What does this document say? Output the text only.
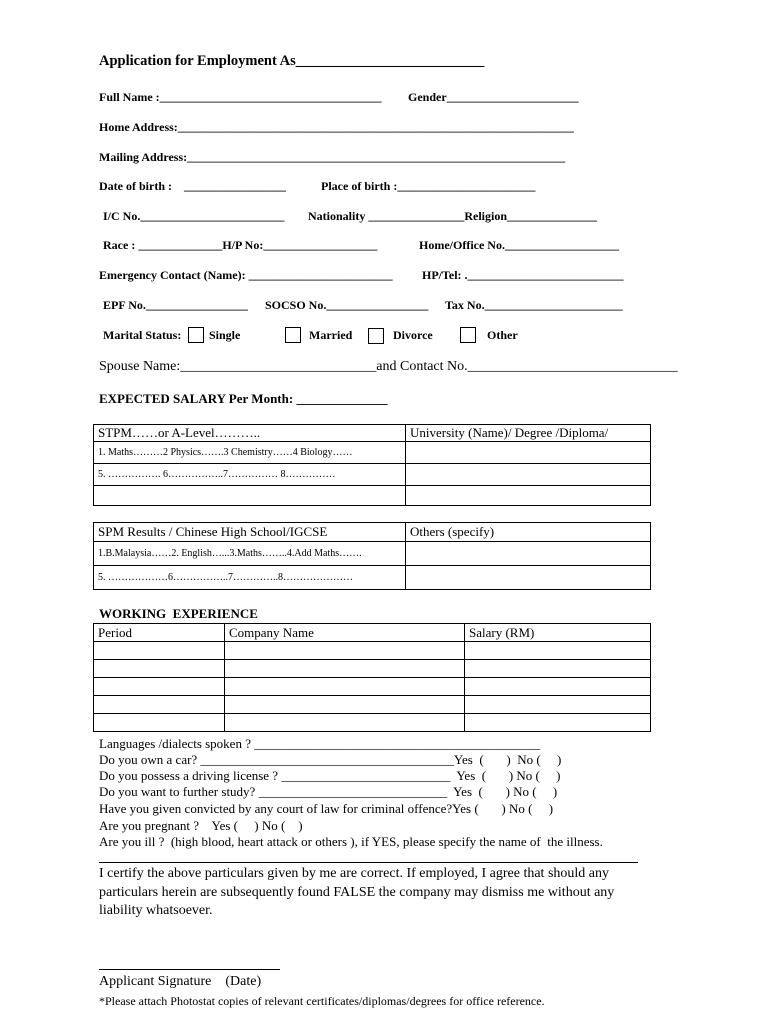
Application for Employment As__________________________
Full Name :_____________________________________ Gender______________________
Home Address:__________________________________________________________________
Mailing Address:_______________________________________________________________
Date of birth : _________________	Place of birth :_______________________
I/C No.________________________ Nationality ________________Religion_______________
Race : ______________H/P No:___________________	Home/Office No.___________________
Emergency Contact (Name): ________________________ HP/Tel: .__________________________
EPF No._________________ SOCSO No._________________ Tax No._______________________
Marital Status: Single	Married	Divorce	Other
Spouse Name:____________________________and Contact No.______________________________
EXPECTED SALARY Per Month: ______________
STPM……or A-Level………..	University (Name)/ Degree /Diploma/
1. Maths………2 Physics…….3 Chemistry……4 Biology……	
5. ……………. 6……………..7…………… 8……………	

SPM Results / Chinese High School/IGCSE	Others (specify)
1.B.Malaysia……2. English…...3.Maths……..4.Add Maths…….	
5. ………………6……………..7…………..8…………………	
WORKING  EXPERIENCE
Period	Company Name	Salary (RM)

Languages /dialects spoken ? ____________________________________________
Do you own a car? _______________________________________Yes  (       )  No (     )
Do you possess a driving license ? __________________________  Yes  (       ) No (     )
Do you want to further study? _____________________________  Yes  (       ) No (     )
Have you given convicted by any court of law for criminal offence?Yes (       ) No (     )
Are you pregnant ?    Yes (     ) No (    )
Are you ill ?  (high blood, heart attack or others ), if YES, please specify the name of  the illness.
I certify the above particulars given by me are correct. If employed, I agree that should any
particulars herein are subsequently found FALSE the company may dismiss me without any
liability whatsoever.
Applicant Signature    (Date)
*Please attach Photostat copies of relevant certificates/diplomas/degrees for office reference.
